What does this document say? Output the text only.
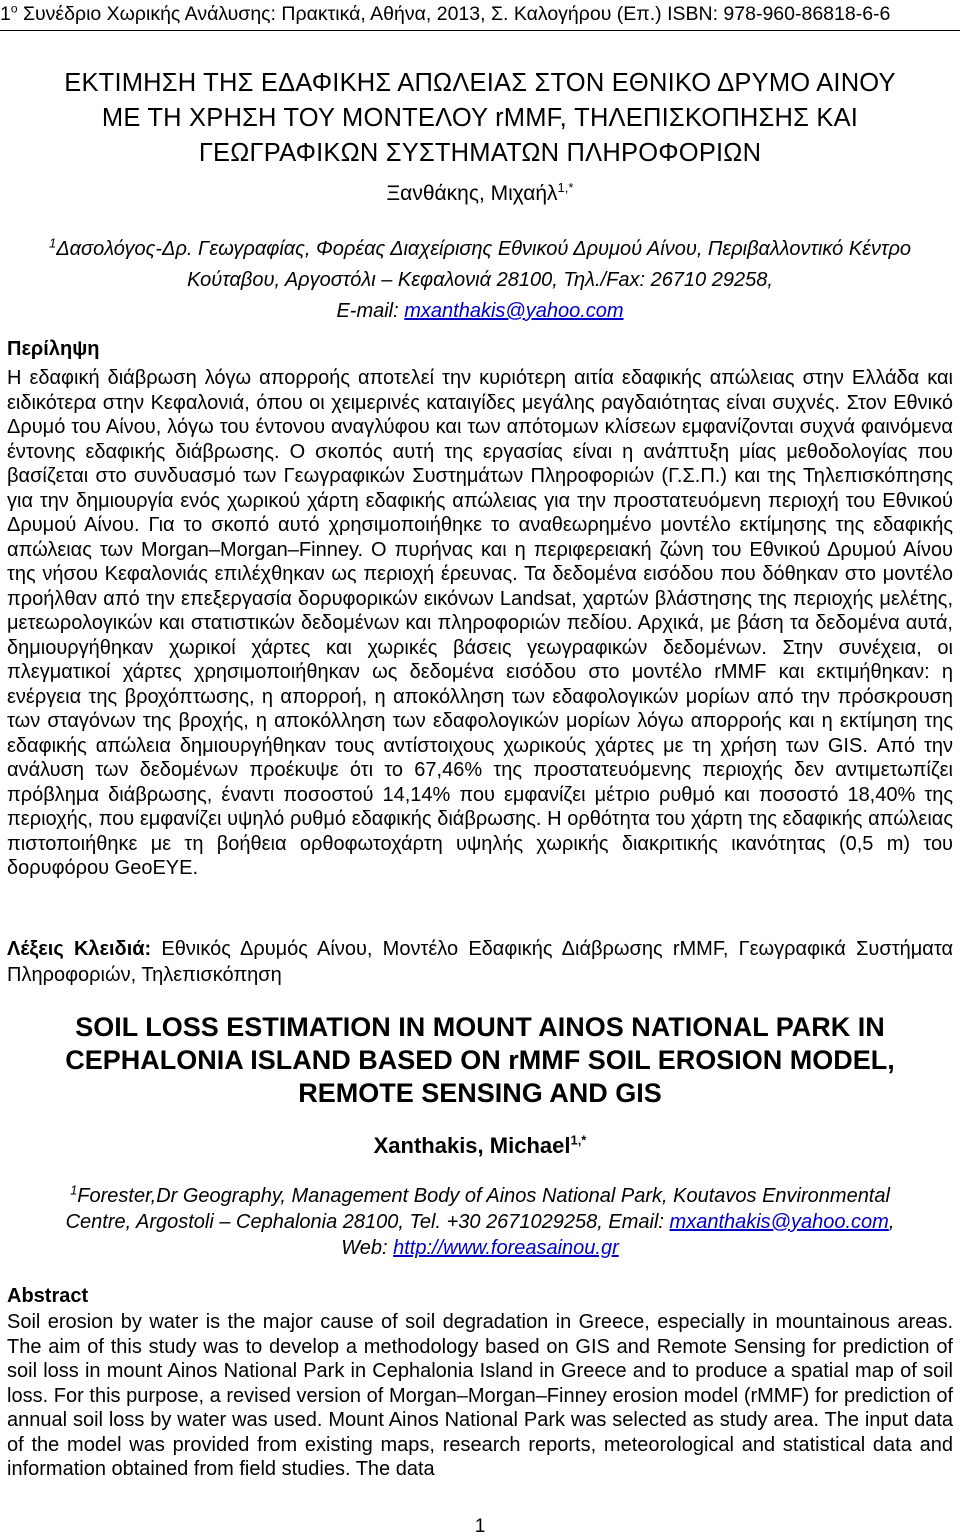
$1^o$ Συνέδριο Χωρικής Ανάλυσης: Πρακτικά, Αθήνα, 2013, Σ. Καλογήρου (Επ.) ISBN: 978-960-86818-6-6
ΕΚΤΙΜΗΣΗ ΤΗΣ ΕΔΑΦΙΚΗΣ ΑΠΩΛΕΙΑΣ ΣΤΟΝ ΕΘΝΙΚΟ ΔΡΥΜΟ ΑΙΝΟΥ
ΜΕ ΤΗ ΧΡΗΣΗ ΤΟΥ ΜΟΝΤΕΛΟΥ rMMF, ΤΗΛΕΠΙΣΚΟΠΗΣΗΣ ΚΑΙ
ΓΕΩΓΡΑΦΙΚΩΝ ΣΥΣΤΗΜΑΤΩΝ ΠΛΗΡΟΦΟΡΙΩΝ
Ξανθάκης, Μιχαήλ$^{1,*}$
$^1$Δασολόγος-Δρ. Γεωγραφίας, Φορέας Διαχείρισης Εθνικού Δρυμού Αίνου, Περιβαλλοντικό Κέντρο
Κούταβου, Αργοστόλι – Κεφαλονιά 28100, Τηλ./Fax: 26710 29258,
E-mail: mxanthakis@yahoo.com
Περίληψη

Η εδαφική διάβρωση λόγω απορροής αποτελεί την κυριότερη αιτία εδαφικής απώλειας στην Ελλάδα και ειδικότερα στην Κεφαλονιά, όπου οι χειμερινές καταιγίδες μεγάλης ραγδαιότητας είναι συχνές. Στον Εθνικό Δρυμό του Αίνου, λόγω του έντονου αναγλύφου και των απότομων κλίσεων εμφανίζονται συχνά φαινόμενα έντονης εδαφικής διάβρωσης. Ο σκοπός αυτή της εργασίας είναι η ανάπτυξη μίας μεθοδολογίας που βασίζεται στο συνδυασμό των Γεωγραφικών Συστημάτων Πληροφοριών (Γ.Σ.Π.) και της Τηλεπισκόπησης για την δημιουργία ενός χωρικού χάρτη εδαφικής απώλειας για την προστατευόμενη περιοχή του Εθνικού Δρυμού Αίνου. Για το σκοπό αυτό χρησιμοποιήθηκε το αναθεωρημένο μοντέλο εκτίμησης της εδαφικής απώλειας των Morgan–Morgan–Finney. Ο πυρήνας και η περιφερειακή ζώνη του Εθνικού Δρυμού Αίνου της νήσου Κεφαλονιάς επιλέχθηκαν ως περιοχή έρευνας. Τα δεδομένα εισόδου που δόθηκαν στο μοντέλο προήλθαν από την επεξεργασία δορυφορικών εικόνων Landsat, χαρτών βλάστησης της περιοχής μελέτης, μετεωρολογικών και στατιστικών δεδομένων και πληροφοριών πεδίου. Αρχικά, με βάση τα δεδομένα αυτά, δημιουργήθηκαν χωρικοί χάρτες και χωρικές βάσεις γεωγραφικών δεδομένων. Στην συνέχεια, οι πλεγματικοί χάρτες χρησιμοποιήθηκαν ως δεδομένα εισόδου στο μοντέλο rMMF και εκτιμήθηκαν: η ενέργεια της βροχόπτωσης, η απορροή, η αποκόλληση των εδαφολογικών μορίων από την πρόσκρουση των σταγόνων της βροχής, η αποκόλληση των εδαφολογικών μορίων λόγω απορροής και η εκτίμηση της εδαφικής απώλεια δημιουργήθηκαν τους αντίστοιχους χωρικούς χάρτες με τη χρήση των GIS. Από την ανάλυση των δεδομένων προέκυψε ότι το 67,46% της προστατευόμενης περιοχής δεν αντιμετωπίζει πρόβλημα διάβρωσης, έναντι ποσοστού 14,14% που εμφανίζει μέτριο ρυθμό και ποσοστό 18,40% της περιοχής, που εμφανίζει υψηλό ρυθμό εδαφικής διάβρωσης. Η ορθότητα του χάρτη της εδαφικής απώλειας πιστοποιήθηκε με τη βοήθεια ορθοφωτοχάρτη υψηλής χωρικής διακριτικής ικανότητας (0,5 m) του δορυφόρου GeoEYE.

Λέξεις Κλειδιά: Εθνικός Δρυμός Αίνου, Μοντέλο Εδαφικής Διάβρωσης rMMF, Γεωγραφικά Συστήματα Πληροφοριών, Τηλεπισκόπηση
SOIL LOSS ESTIMATION IN MOUNT AINOS NATIONAL PARK IN
CEPHALONIA ISLAND BASED ON rMMF SOIL EROSION MODEL,
REMOTE SENSING AND GIS
Xanthakis, Michael$^{1,*}$
$^1$Forester,Dr Geography, Management Body of Ainos National Park, Koutavos Environmental
Centre, Argostoli – Cephalonia 28100, Tel. +30 2671029258, Email: mxanthakis@yahoo.com,
Web: http://www.foreasainou.gr
Abstract

Soil erosion by water is the major cause of soil degradation in Greece, especially in mountainous areas. The aim of this study was to develop a methodology based on GIS and Remote Sensing for prediction of soil loss in mount Ainos National Park in Cephalonia Island in Greece and to produce a spatial map of soil loss. For this purpose, a revised version of Morgan–Morgan–Finney erosion model (rMMF) for prediction of annual soil loss by water was used. Mount Ainos National Park was selected as study area. The input data of the model was provided from existing maps, research reports, meteorological and statistical data and information obtained from field studies. The data

1
